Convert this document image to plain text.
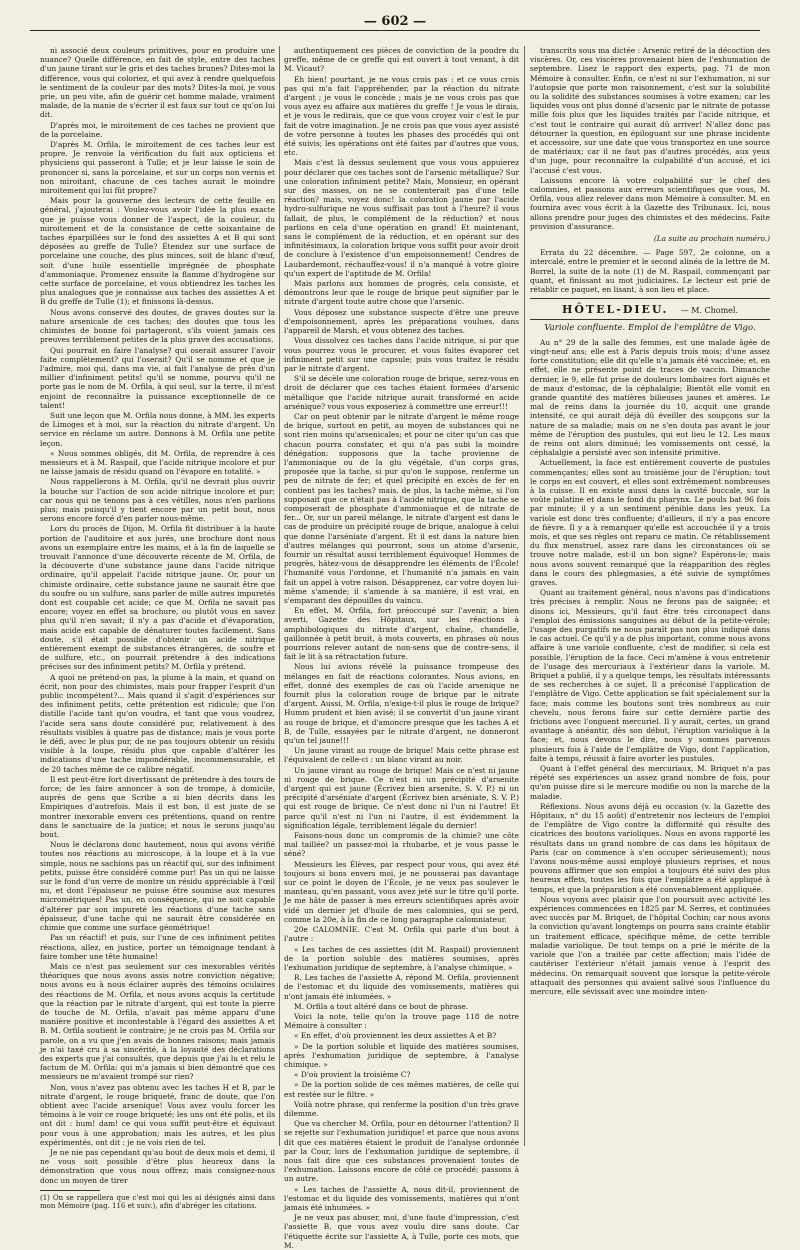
— 602 —

ni associé deux couleurs primitives, pour en produire une nuance? Quelle différence, en fait de style, entre des taches d'un jaune tirant sur le gris et des taches brunes? Dites-moi la différence, vous qui coloriez, et qui avez à rendre quelquefois le sentiment de la couleur par des mots? Dites-la moi, je vous prie, un peu vite, afin de guérir cet homme malade, vraiment malade, de la manie de s'écrier il est faux sur tout ce qu'on lui dit.

D'après moi, le miroitement de ces taches ne provient que de la porcelaine.

D'après M. Orfila, le miroitement de ces taches leur est propre. Je renvoie la vérification du fait aux opticiens et physiciens qui passeront à Tulle; et je leur laisse le soin de prononcer si, sans la porcelaine, et sur un corps non vernis et non miroitant, chacune de ces taches aurait le moindre miroitement qui lui fût propre?

Mais pour la gouverne des lecteurs de cette feuille en général, j'ajouterai : Voulez-vous avoir l'idée la plus exacte que je puisse vous donner de l'aspect, de la couleur, du miroitement et de la consistance de cette soixantaine de taches éparpillées sur le fond des assiettes A et B qui sont déposées au greffe de Tulle? Étendez sur une surface de porcelaine une couche, des plus minces, soit de blanc d'œuf, soit d'une huile essentielle imprégnée de phosphate d'ammoniaque. Promenez ensuite la flamme d'hydrogène sur cette surface de porcelaine, et vous obtiendrez les taches les plus analogues que je connaisse aux taches des assiettes A et B du greffe de Tulle (1); et finissons là-dessus.

Nous avons conservé des doutes, de graves doutes sur la nature arsenicale de ces taches; des doutes que tous les chimistes de bonne foi partageront, s'ils voient jamais ces preuves terriblement petites de la plus grave des accusations.

Qui pourrait en faire l'analyse? qui oserait assurer l'avoir faite complètement? qui l'oserait? Qu'il se nomme et que je l'admire, moi qui, dans ma vie, ai fait l'analyse de près d'un millier d'infiniment petits! qu'il se nomme, pourvu qu'il ne porte pas le nom de M. Orfila, à qui seul, sur la terre, il m'est enjoint de reconnaître la puissance exceptionnelle de ce talent!

Suit une leçon que M. Orfila nous donne, à MM. les experts de Limoges et à moi, sur la réaction du nitrate d'argent. Un service en réclame un autre. Donnons à M. Orfila une petite leçon.

« Nous sommes obligés, dit M. Orfila, de reprendre à ces messieurs et à M. Raspail, que l'acide nitrique incolore et pur ne laisse jamais de résidu quand on l'évapore en totalité. »

Nous rappellerons à M. Orfila, qu'il ne devrait plus ouvrir la bouche sur l'action de son acide nitrique incolore et pur; car nous qui ne tenons pas à ces vétilles, nous n'en parlions plus; mais puisqu'il y tient encore par un petit bout, nous serons encore forcé d'en parler nous-même.

Lors du procès de Dijon, M. Orfila fit distribuer à la haute portion de l'auditoire et aux jurés, une brochure dont nous avons un exemplaire entre les mains, et à la fin de laquelle se trouvait l'annonce d'une découverte récente de M. Orfila, de la découverte d'une substance jaune dans l'acide nitrique ordinaire, qu'il appelait l'acide nitrique jaune. Or, pour un chimiste ordinaire, cette substance jaune ne saurait être que du soufre ou un sulfure, sans parler de mille autres impuretés dont est coupable cet acide; ce que M. Orfila ne savait pas encore; voyez en effet sa brochure, ou plutôt vous en savez plus qu'il n'en savait; il n'y a pas d'acide et d'évaporation, mais acide est capable de dénaturer toutes facilement. Sans doute, s'il était possible d'obtenir un acide nitrique entièrement exempt de substances étrangères, de soufre et de sulfure, etc., on pourrait prétendre à des indications précises sur des infiniment petits? M. Orfila y prétend.

A quoi ne prétend-on pas, la plume à la main, et quand on écrit, non pour des chimistes, mais pour frapper l'esprit d'un public incompétent?... Mais quand il s'agit d'expériences sur des infiniment petits, cette prétention est ridicule; que l'on distille l'acide tant qu'on voudra, et tant que vous voudrez, l'acide sera sans doute considéré pur, relativement à des résultats visibles à quatre pas de distance; mais je vous porte le défi, avec le plus pur, de ne pas toujours obtenir un résidu visible à la loupe, résidu plus que capable d'altérer les indications d'une tache impondérable, incommensurable, et de 20 taches même de ce calibre négatif.

Il est peut-être fort divertissant de prétendre à des tours de force; de les faire annoncer à son de trompe, à domicile, auprès de gens que Scribe a si bien décrits dans les Empiriques d'autrefois. Mais il est bon, il est juste de se montrer inexorable envers ces prétentions, quand on rentre dans le sanctuaire de la justice; et nous le serons jusqu'au bout.

Nous le déclarons donc hautement, nous qui avons vérifié toutes nos réactions au microscope, à la loupe et à la vue simple, nous ne sachions pas un réactif qui, sur des infiniment petits, puisse être considéré comme pur! Pas un qui ne laisse sur le fond d'un verre de montre un résidu appréciable à l'œil nu, et dont l'épaisseur ne puisse être soumise aux mesures micrométriques! Pas un, en conséquence, qui ne soit capable d'altérer par son impureté les réactions d'une tache sans épaisseur, d'une tache qui ne saurait être considérée en chimie que comme une surface géométrique!

Pas un réactif! et puis, sur l'une de ces infiniment petites réactions, allez, en justice, porter un témoignage tendant à faire tomber une tête humaine!

Mais ce n'est pas seulement sur ces inexorables vérités théoriques que nous avons assis notre conviction négative; nous avons eu à nous éclairer auprès des témoins oculaires des réactions de M. Orfila, et nous avons acquis la certitude que la réaction par le nitrate d'argent, qui est toute la pierre de touche de M. Orfila, n'avait pas même apparu d'une manière positive et incontestable à l'égard des assiettes A et B. M. Orfila soutient le contraire; je ne crois pas M. Orfila sur parole, on a vu que j'en avais de bonnes raisons; mais jamais je n'ai taxé cru à sa sincérité, à la loyauté des déclarations des experts que j'ai consultés, que depuis que j'ai lu et relu le factum de M. Orfila: qui m'a jamais si bien démontré que ces messieurs ne m'avaient trompé sur rien?

Non, vous n'avez pas obtenu avec les taches H et B, par le nitrate d'argent, le rouge briqueté, franc de doute, que l'on obtient avec l'acide arsenique! Vous avez voulu forcer les témoins à le voir ce rouge briqueté; les uns ont été polis, et ils ont dit : hum! dam! ce qui vous suffit peut-être et équivaut pour vous à une approbation; mais les autres, et les plus expérimentés, ont dit : je ne vois rien de tel.

Je ne nie pas cependant qu'au bout de deux mois et demi, il ne vous soit possible d'être plus heureux dans la démonstration que vous nous offrez; mais consignez-nous donc un moyen de tirer

(1) On se rappellera que c'est moi qui les ai désignés ainsi dans mon Mémoire (pag. 116 et suiv.), afin d'abréger les citations.

authentiquement ces pièces de conviction de la poudre du greffe, même de ce greffe qui est ouvert à tout venant, à dit M. Vicaut?

Eh bien! pourtant, je ne vous crois pas : et ce vous crois pas qui m'a fait l'appréhender, par la réaction du nitrate d'argent ; je vous le concède ; mais je ne vous crois pas que vous ayez eu affaire aux matières du greffe ! Je vous le dirais, et je vous le redirais, que ce que vous croyez voir c'est le pur fait de votre imagination. Je ne crois pas que vous ayez assisté de votre personne à toutes les phases des procédés qui ont été suivis; les opérations ont été faites par d'autres que vous, etc.

Mais c'est là dessus seulement que vous vous appuierez pour déclarer que ces taches sont de l'arsenic métallique? Sur une coloration infiniment petite? Mais, Monsieur, en opérant sur des masses, on ne se contenterait pas d'une telle réaction? mais, voyez donc! la coloration jaune par l'acide hydro-sulfurique ne vous suffisait pas tout à l'heure? il vous fallait, de plus, le complément de la réduction? et nous parlions en cela d'une opération en grand! Et maintenant, sans le complément de la réduction, et en opérant sur des infinitésimaux, la coloration brique vous suffit pour avoir droit de conclure à l'existence d'un empoisonnement! Cendres de Laubardemont, réchauffez-vous! il n'a manqué à votre gloire qu'un expert de l'aptitude de M. Orfila!

Mais parlons aux hommes de progrès, cela consiste, et démontrons leur que le rouge de brique peut signifier par le nitrate d'argent toute autre chose que l'arsenic.

Vous déposez une substance suspecte d'être une preuve d'empoisonnement, après les préparations voulues, dans l'appareil de Marsh, et vous obtenez des taches.

Vous dissolvez ces taches dans l'acide nitrique, si pur que vous pourrez vous le procurer, et vous faites évaporer cet infiniment petit sur une capsule; puis vous traitez le résidu par le nitrate d'argent.

S'il se décèle une coloration rouge de brique, serez-vous en droit de déclarer que ces taches étaient formées d'arsenic métallique que l'acide nitrique aurait transformé en acide arsénique? vous vous exposeriez à commettre une erreur!!!

Car on peut obtenir par le nitrate d'argent le même rouge de brique, surtout en petit, au moyen de substances qui ne sont rien moins qu'arsenicales; et pour ne citer qu'un cas que chacun pourra constater, et qui n'a pas subi la moindre dénégation: supposons que la tache provienne de l'ammoniaque ou de la glu végétale, d'un corps gras, proposée que la tache, si pur qu'on le suppose, renferme un peu de nitrate de fer; et quel précipité en excès de fer en contient pas les taches? mais, de plus, la tache même, si l'on supposait que ce n'était pas à l'acide nitrique, que la tache se composerait de phosphate d'ammoniaque et de nitrate de fer... Or, sur un pareil mélange, le nitrate d'argent est dans le cas de produire un précipité rouge de brique, analogue à celui que donne l'arséniate d'argent. Et il est dans la nature bien d'autres mélanges qui pourront, sous un atome d'arsenic, fournir un résultat aussi terriblement équivoque! Hommes de progrès, hâtez-vous de désapprendre les éléments de l'École! l'humanité vous l'ordonne, et l'humanité n'a jamais en vain fait un appel à votre raison. Désapprenez, car votre doyen lui-même s'amende; il s'amende à sa manière, il est vrai, en s'emparant des dépouilles du vaincu.

En effet, M. Orfila, fort préoccupé sur l'avenir, a bien averti, Gazette des Hôpitaux, sur les réactions à amphibologiques du nitrate d'argent, chaîne, chandelle, gaillonnée à petit bruit, à mots couverts, en phrases où nous pourrions relever autant de non-sens que de contre-sens, il fait le lit à sa rétractation future.

Nous lui avions révélé la puissance trompeuse des mélanges en fait de réactions colorantes. Nous avions, en effet, donné des exemples de cas où l'acide arsenique ne fournit plus la coloration rouge de brique par le nitrate d'argent. Aussi, M. Orfila, n'exige-t-il plus le rouge de brique? Humm prudent et bien avisé; il se convertit d'un jaune virant au rouge de brique, et d'amoncre presque que les taches A et B, de Tulle, essayées par le nitrate d'argent, ne donneront qu'un tel jaune!!!

Un jaune virant au rouge de brique! Mais cette phrase est l'équivalent de celle-ci : un blanc virant au noir.

Un jaune virant au rouge de brique! Mais ce n'est ni jaune ni rouge de brique. Ce n'est ni un précipité d'arsenite d'argent qui est jaune (Écrivez bien arsenite, S. V. P.) ni un précipité d'arséniate d'argent (Écrivez bien arséniate, S. V. P.) qui est rouge de brique. Ce n'est donc ni l'un ni l'autre! Et parce qu'il n'est ni l'un ni l'autre, il est évidemment la signification légale, terriblement légale du dernier!

Faisons-nous donc un compromis de la chimie? une côte mal taillée? un passez-moi la rhubarbe, et je vous passe le séné?

Messieurs les Élèves, par respect pour vous, qui avez été toujours si bons envers moi, je ne pousserai pas davantage sur ce point le doyen de l'École, je ne veux pas soulever le manteau, qu'en passant, vous avez jeté sur le titre qu'il porte. Je me hâte de passer à mes erreurs scientifiques après avoir vidé un dernier jet d'huile de mes calomnies, qui se perd, comme la 20e, à la fin de ce long paragraphe calomniateur.

20e CALOMNIE. C'est M. Orfila qui parle d'un bout à l'autre :

« Les taches de ces assiettes (dit M. Raspail) proviennent de la portion soluble des matières soumises, après l'exhumation juridique de septembre, à l'analyse chimique. »

R. Les taches de l'assiette A, répond M. Orfila, proviennent de l'estomac et du liquide des vomissements, matières qui n'ont jamais été inhumées. »

M. Orfila a tout altéré dans ce bout de phrase.

Voici la note, telle qu'on la trouve page 118 de notre Mémoire à consulter :

« En effet, d'où proviennent les deux assiettes A et B?

» De la portion soluble et liquide des matières soumises, après l'exhumation juridique de septembre, à l'analyse chimique. »

« D'où provient la troisième C?

» De la portion solide de ces mêmes matières, de celle qui est restée sur le filtre. »

Voilà notre phrase, qui renferme la position d'un très grave dilemme.

Que va chercher M. Orfila, pour en détourner l'attention? Il se rejette sur l'exhumation juridique! et parce que nous avons dit que ces matières étaient le produit de l'analyse ordonnée par la Cour, lors de l'exhumation juridique de septembre, il nous fait dire que ces substances provenaient toutes de l'exhumation. Laissons encore de côté ce procédé; passons à un autre.

« Les taches de l'assiette A, nous dit-il, proviennent de l'estomac et du liquide des vomissements, matières qui n'ont jamais été inhumées. »

Je ne veux pas abuser, moi, d'une faute d'impression, c'est l'assiette B, que vous avez voulu dire sans doute. Car l'étiquette écrite sur l'assiette A, à Tulle, porte ces mots, que M.

transcrits sous ma dictée : Arsenic retiré de la décoction des viscères. Or, ces viscères provenaient bien de l'exhumation de septembre. Lisez le rapport des experts, pag. 71 de mon Mémoire à consulter. Enfin, ce n'est ni sur l'exhumation, ni sur l'autopsie que porte mon raisonnement, c'est sur la solubilité ou la solidité des substances soumises à votre examen; car les liquides vous ont plus donné d'arsenic par le nitrate de potasse mille fois plus que les liquides traités par l'acide nitrique, et c'est tout le contraire qui aurait dû arriver! N'allez donc pas détourner la question, en épiloguant sur une phrase incidente et accessoire, sur une date que vous transportez en une source de matériaux; car il ne faut pas d'autres procédés, aux yeux d'un juge, pour reconnaître la culpabilité d'un accusé, et ici l'accusé c'est vous.

Laissons encore là votre culpabilité sur le chef des calomnies, et passons aux erreurs scientifiques que vous, M. Orfila, vous allez relever dans mon Mémoire à consulter. M. en fournira avec vous écrit à la Gazette des Tribunaux. Ici, nous allons prendre pour juges des chimistes et des médecins. Faite provision d'assurance.

(La suite au prochain numéro.)

Errata du 22 décembre. — Page 597, 2e colonne, on a intercalé, entre le premier et le second alinéa de la lettre de M. Borrel, la suite de la note (1) de M. Raspail, commençant par quant, et finissant au mot judiciaires. Le lecteur est prié de rétablir ce paquet, en lisant, à son lieu et place.

HÔTEL-DIEU. — M. Chomel.
Variole confluente. Emploi de l'emplâtre de Vigo.

Au n° 29 de la salle des femmes, est une malade âgée de vingt-neuf ans; elle est à Paris depuis trois mois; d'une assez forte constitution; elle dit qu'elle n'a jamais été vaccinée; et, en effet, elle ne présente point de traces de vaccin. Dimanche dernier, le 9, elle fut prise de douleurs lombaires fort aiguës et de maux d'estomac, de la céphalalgie; Bientôt elle vomit en grande quantité des matières bilieuses jaunes et amères. Le mal de reins dans la journée du 10, acquit une grande intensité, ce qui aurait déjà dû éveiller des soupçons sur la nature de sa maladie; mais on ne s'en douta pas avant le jour même de l'éruption des pustules, qui eut lieu le 12. Les maux de reins ont alors diminué; les vomissements ont cessé, la céphalalgie a persisté avec son intensité primitive.

Actuellement, la face est entièrement couverte de pustules commençantes; elles sont au troisième jour de l'éruption; tout le corps en est couvert, et elles sont extrêmement nombreuses à la cuisse. Il en existe aussi dans la cavité buccale, sur la voûte palatine et dans le fond du pharynx. Le pouls bat 96 fois par minute; il y a un sentiment pénible dans les yeux. La variole est donc très confluente; d'ailleurs, il n'y a pas encore de fièvre. Il y a à remarquer qu'elle est accouchée il y a trois mois, et que ses règles ont reparu ce matin. Ce rétablissement du flux menstruel, assez rare dans les circonstances où se trouve notre malade, est-il un bon signe? Espérons-le; mais nous avons souvent remarqué que la réapparition des règles dans le cours des phlegmasies, a été suivie de symptômes graves.

Quant au traitement général, nous n'avons pas d'indications très précises à remplir. Nous ne ferons pas de saignée; et disons ici, Messieurs, qu'il faut être très circonspect dans l'emploi des émissions sanguines au début de la petite-vérole; l'usage des purgatifs ne nous paraît pas non plus indiqué dans le cas actuel. Ce qu'il y a de plus important, comme nous avons affaire à une variole confluente, c'est de modifier, si cela est possible, l'éruption de la face. Ceci m'amène à vous entretenir de l'usage des mercuriaux à l'extérieur dans la variole. M. Briquet a publié, il y a quelque temps, les résultats intéressants de ses recherches à ce sujet. Il a préconisé l'application de l'emplâtre de Vigo. Cette application se fait spécialement sur la face; mais comme les boutons sont très nombreux au cuir chevelu, nous ferons faire sur cette dernière partie des frictions avec l'onguent mercuriel. Il y aurait, certes, un grand avantage à anéantir, dès son début, l'éruption variolique à la face; et, nous devons le dire, nous y sommes parvenus plusieurs fois à l'aide de l'emplâtre de Vigo, dont l'application, faite à temps, réussit à faire avorter les pustules.

Quant à l'effet général des mercuriaux, M. Briquet n'a pas répété ses expériences un assez grand nombre de fois, pour qu'on puisse dire si le mercure modifie ou non la marche de la maladie.

Réflexions. Nous avons déjà eu occasion (v. la Gazette des Hôpitaux, n° du 15 août) d'entretenir nos lecteurs de l'emploi de l'emplâtre de Vigo contre la difformité qui résulte des cicatrices des boutons varioliques. Nous en avons rapporté les résultats dans un grand nombre de cas dans les hôpitaux de Paris (car on commence à s'en occuper sérieusement); nous l'avons nous-même aussi employé plusieurs reprises, et nous pouvons affirmer que son emploi a toujours été suivi des plus heureux effets, toutes les fois que l'emplâtre a été appliqué à temps, et que la préparation a été convenablement appliquée.

Nous voyons avec plaisir que l'on poursuit avec activité les expériences commencées en 1825 par M. Serres, et continuées avec succès par M. Briquet, de l'hôpital Cochin; car nous avons la conviction qu'avant longtemps on pourra sans crainte établir un traitement efficace, spécifique même, de cette terrible maladie variolique. De tout temps on a prié le mérite de la variole que l'on a traitée par cette affection; mais l'idée de cautériser l'extérieur n'était jamais venue à l'esprit des médecins. On remarquait souvent que lorsque la petite-vérole attaquait des personnes qui avaient salivé sous l'influence du mercure, elle sévissait avec une moindre inten-
